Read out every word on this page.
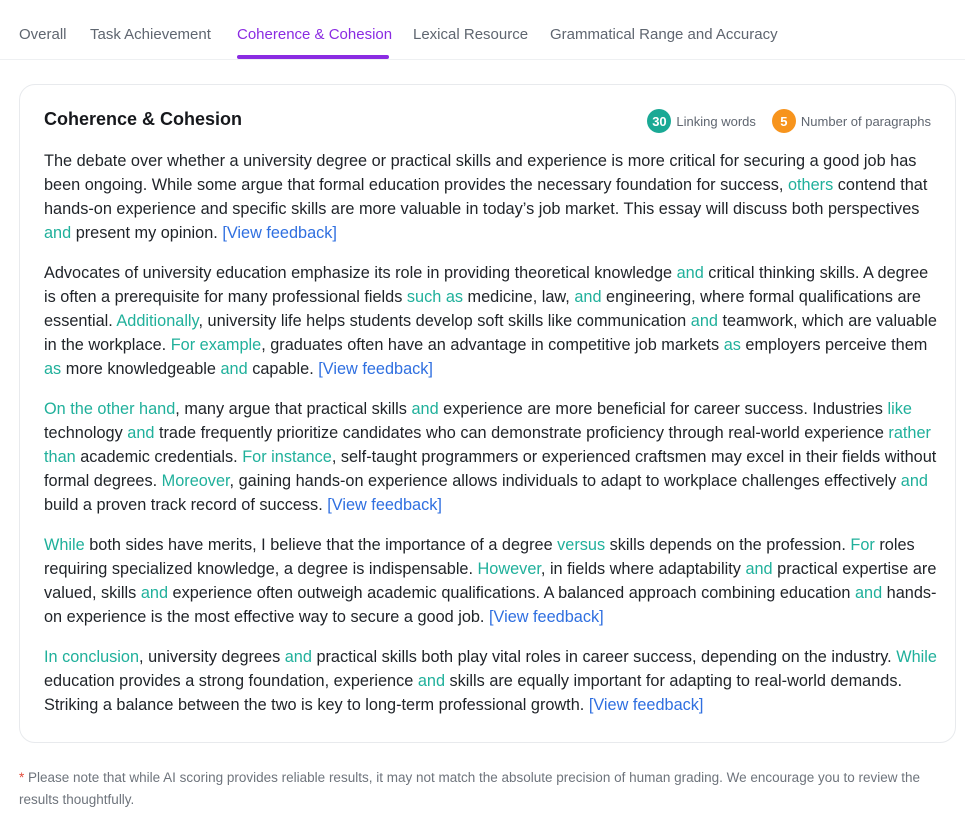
Overall Task Achievement Coherence & Cohesion Lexical Resource Grammatical Range and Accuracy
Coherence & Cohesion	30 Linking words	5	Number of paragraphs

The debate over whether a university degree or practical skills and experience is more critical for securing a good job has been ongoing. While some argue that formal education provides the necessary foundation for success, others contend that hands-on experience and specific skills are more valuable in today’s job market. This essay will discuss both perspectives and present my opinion. [View feedback]

Advocates of university education emphasize its role in providing theoretical knowledge and critical thinking skills. A degree is often a prerequisite for many professional fields such as medicine, law, and engineering, where formal qualifications are essential. Additionally, university life helps students develop soft skills like communication and teamwork, which are valuable in the workplace. For example, graduates often have an advantage in competitive job markets as employers perceive them as more knowledgeable and capable. [View feedback]

On the other hand, many argue that practical skills and experience are more beneficial for career success. Industries like technology and trade frequently prioritize candidates who can demonstrate proficiency through real-world experience rather than academic credentials. For instance, self-taught programmers or experienced craftsmen may excel in their fields without formal degrees. Moreover, gaining hands-on experience allows individuals to adapt to workplace challenges effectively and build a proven track record of success. [View feedback]

While both sides have merits, I believe that the importance of a degree versus skills depends on the profession. For roles requiring specialized knowledge, a degree is indispensable. However, in fields where adaptability and practical expertise are valued, skills and experience often outweigh academic qualifications. A balanced approach combining education and hands-on experience is the most effective way to secure a good job. [View feedback]

In conclusion, university degrees and practical skills both play vital roles in career success, depending on the industry. While education provides a strong foundation, experience and skills are equally important for adapting to real-world demands. Striking a balance between the two is key to long-term professional growth. [View feedback]

* Please note that while AI scoring provides reliable results, it may not match the absolute precision of human grading. We encourage you to review the results thoughtfully.
